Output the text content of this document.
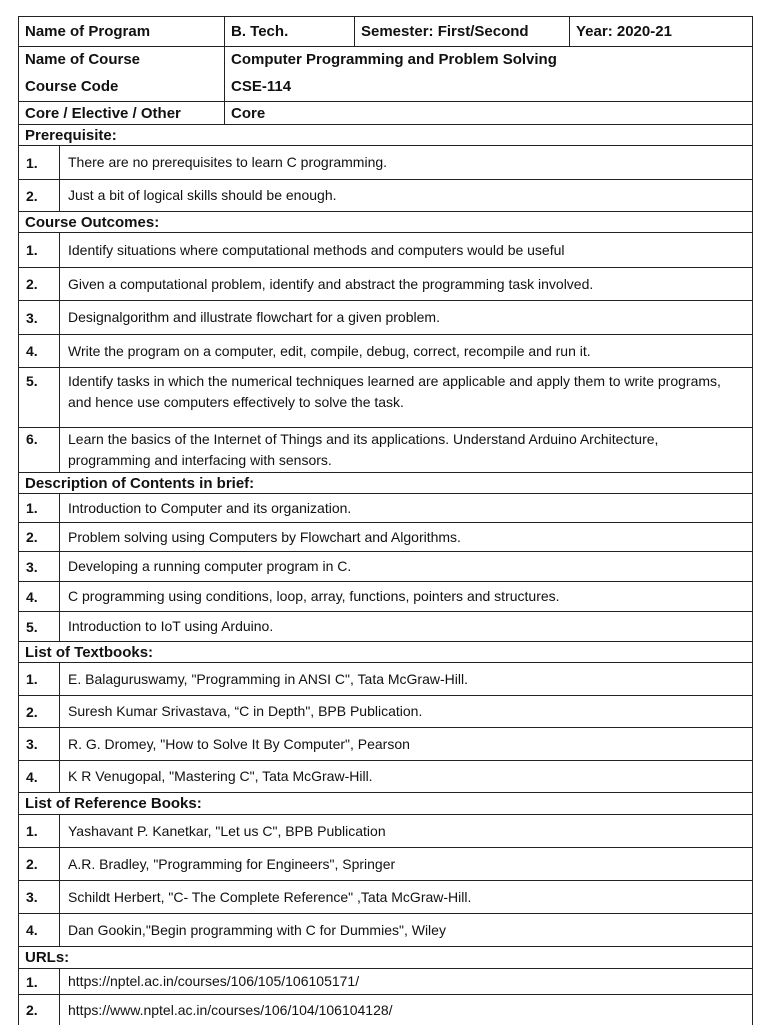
Name of Program	B. Tech.	Semester: First/Second	Year: 2020-21
Name of Course	Computer Programming and Problem Solving
Course Code	CSE-114
Core / Elective / Other	Core
Prerequisite:
1.	There are no prerequisites to learn C programming.
2.	Just a bit of logical skills should be enough.
Course Outcomes:
1.	Identify situations where computational methods and computers would be useful
2.	Given a computational problem, identify and abstract the programming task involved.
3.	Designalgorithm and illustrate flowchart for a given problem.
4.	Write the program on a computer, edit, compile, debug, correct, recompile and run it.
5.	Identify tasks in which the numerical techniques learned are applicable and apply them to write programs, and hence use computers effectively to solve the task.
6.	Learn the basics of the Internet of Things and its applications. Understand Arduino Architecture, programming and interfacing with sensors.
Description of Contents in brief:
1.	Introduction to Computer and its organization.
2.	Problem solving using Computers by Flowchart and Algorithms.
3.	Developing a running computer program in C.
4.	C programming using conditions, loop, array, functions, pointers and structures.
5.	Introduction to IoT using Arduino.
List of Textbooks:
1.	E. Balaguruswamy, "Programming in ANSI C", Tata McGraw-Hill.
2.	Suresh Kumar Srivastava, “C in Depth", BPB Publication.
3.	R. G. Dromey, "How to Solve It By Computer", Pearson
4.	K R Venugopal, "Mastering C", Tata McGraw-Hill.
List of Reference Books:
1.	Yashavant P. Kanetkar, "Let us C", BPB Publication
2.	A.R. Bradley, "Programming for Engineers", Springer
3.	Schildt Herbert, "C- The Complete Reference" ,Tata McGraw-Hill.
4.	Dan Gookin,"Begin programming with C for Dummies", Wiley
URLs:
1.	https://nptel.ac.in/courses/106/105/106105171/
2.	https://www.nptel.ac.in/courses/106/104/106104128/
